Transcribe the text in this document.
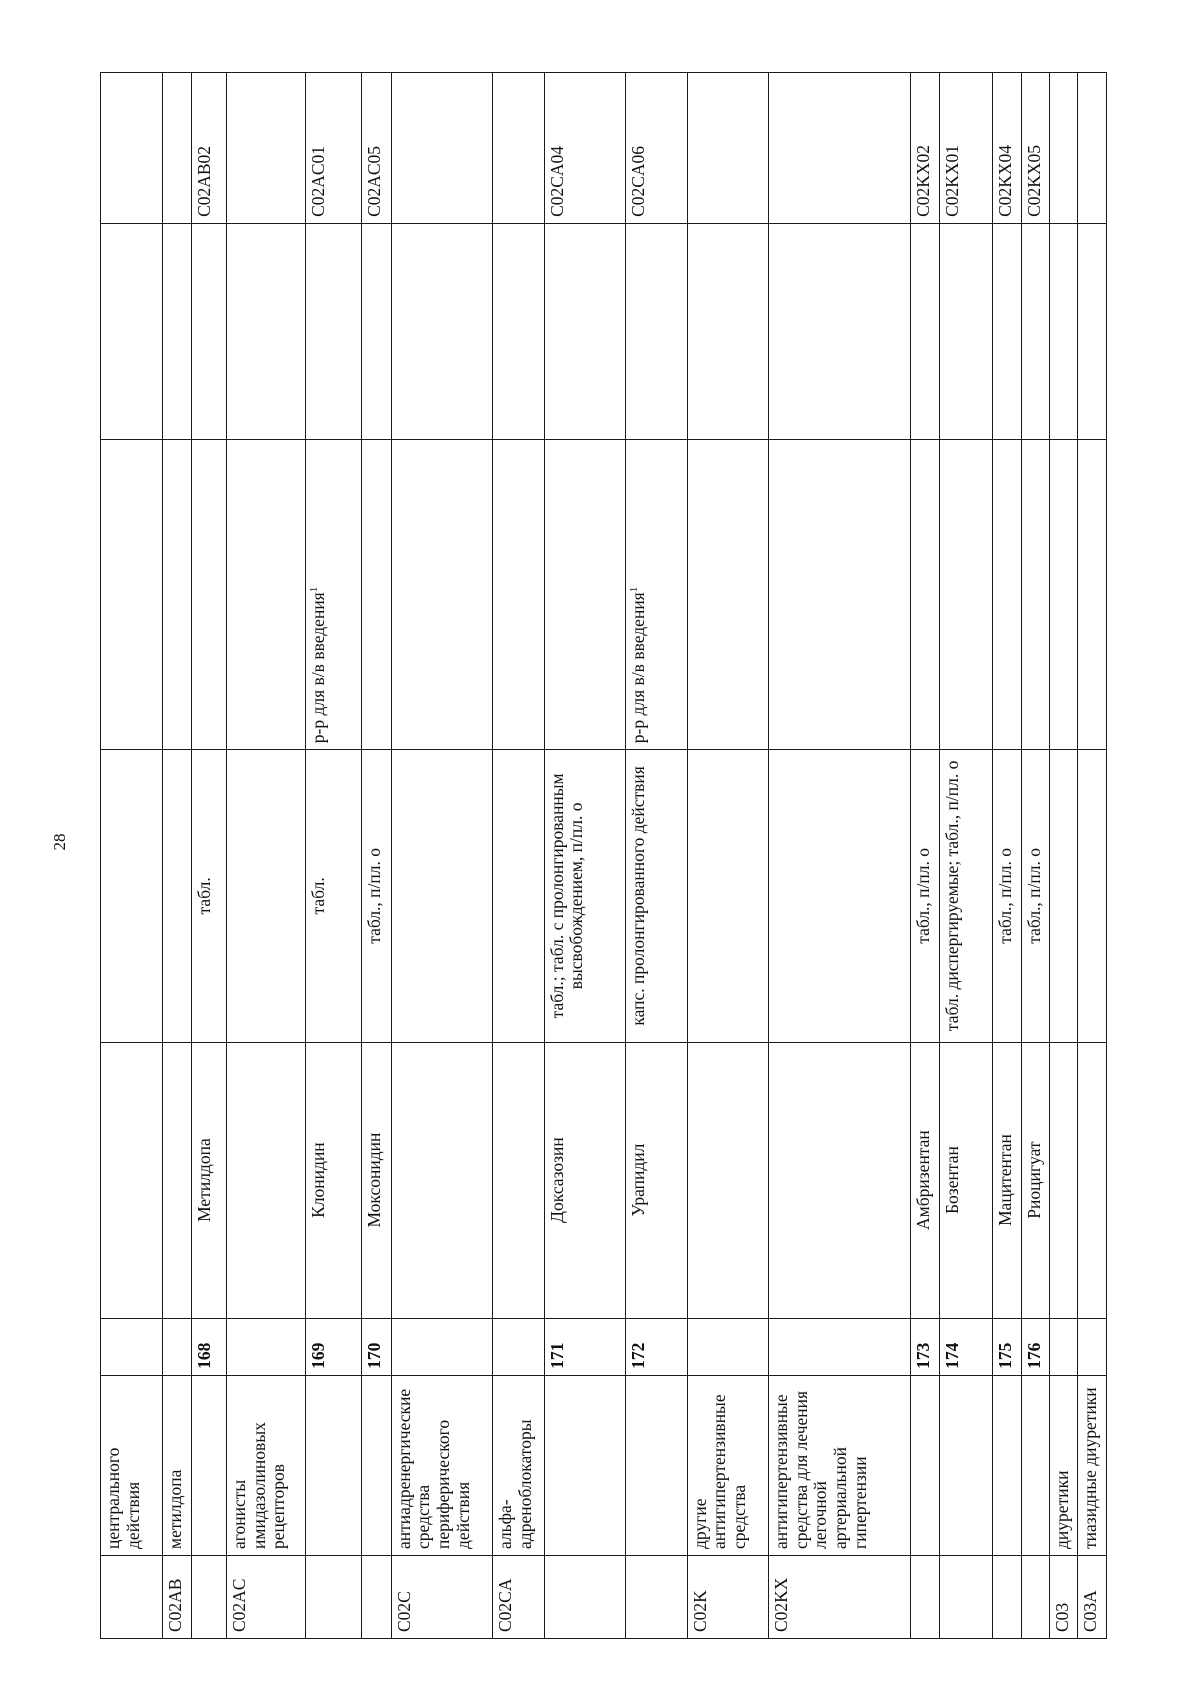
28
	центрального действия						
C02AB	метилдопа						
		168	Метилдопа	табл.			C02AB02
C02AC	агонисты имидазолиновых рецепторов						
		169	Клонидин	табл.	р-р для в/в введения$^1$		C02AC01
		170	Моксонидин	табл., п/пл. о			C02AC05
C02C	антиадренергические средства периферического действия						
C02CA	альфа-адреноблокаторы						
		171	Доксазозин	табл.; табл. с пролонгированным высвобождением, п/пл. о			C02CA04
		172	Урапидил	капс. пролонгированного действия	р-р для в/в введения$^1$		C02CA06
C02K	другие антигипертензивные средства						
C02KX	антигипертензивные средства для лечения легочной артериальной гипертензии						
		173	Амбризентан	табл., п/пл. о			C02KX02
		174	Бозентан	табл. диспергируемые; табл., п/пл. о			C02KX01
		175	Мацитентан	табл., п/пл. о			C02KX04
		176	Риоцигуат	табл., п/пл. о			C02KX05
C03	диуретики						
C03A	тиазидные диуретики						
